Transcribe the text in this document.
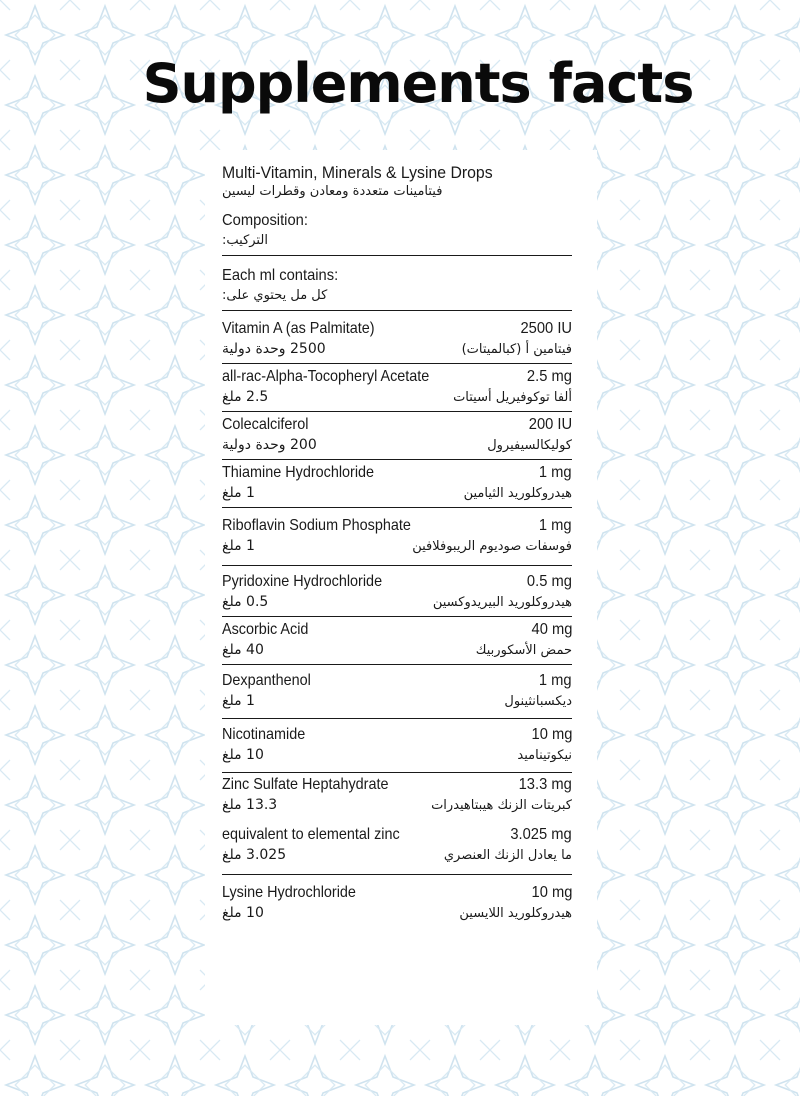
Supplements facts
Multi-Vitamin, Minerals & Lysine Drops
فيتامينات متعددة ومعادن وقطرات ليسين
Composition:
التركيب:
Each ml contains:
كل مل يحتوي على:
Vitamin A (as Palmitate)	2500 IU
2500 وحدة دولية	فيتامين أ (كبالميتات)
all-rac-Alpha-Tocopheryl Acetate	2.5 mg
2.5 ملغ	ألفا توكوفيريل أسيتات
Colecalciferol	200 IU
200 وحدة دولية	كوليكالسيفيرول
Thiamine Hydrochloride	1 mg
1 ملغ	هيدروكلوريد الثيامين
Riboflavin Sodium Phosphate	1 mg
1 ملغ	فوسفات صوديوم الريبوفلافين
Pyridoxine Hydrochloride	0.5 mg
0.5 ملغ	هيدروكلوريد البيريدوكسين
Ascorbic Acid	40 mg
40 ملغ	حمض الأسكوربيك
Dexpanthenol	1 mg
1 ملغ	ديكسبانثينول
Nicotinamide	10 mg
10 ملغ	نيكوتيناميد
Zinc Sulfate Heptahydrate	13.3 mg
13.3 ملغ	كبريتات الزنك هيبتاهيدرات
equivalent to elemental zinc	3.025 mg
3.025 ملغ	ما يعادل الزنك العنصري
Lysine Hydrochloride	10 mg
10 ملغ	هيدروكلوريد اللايسين
